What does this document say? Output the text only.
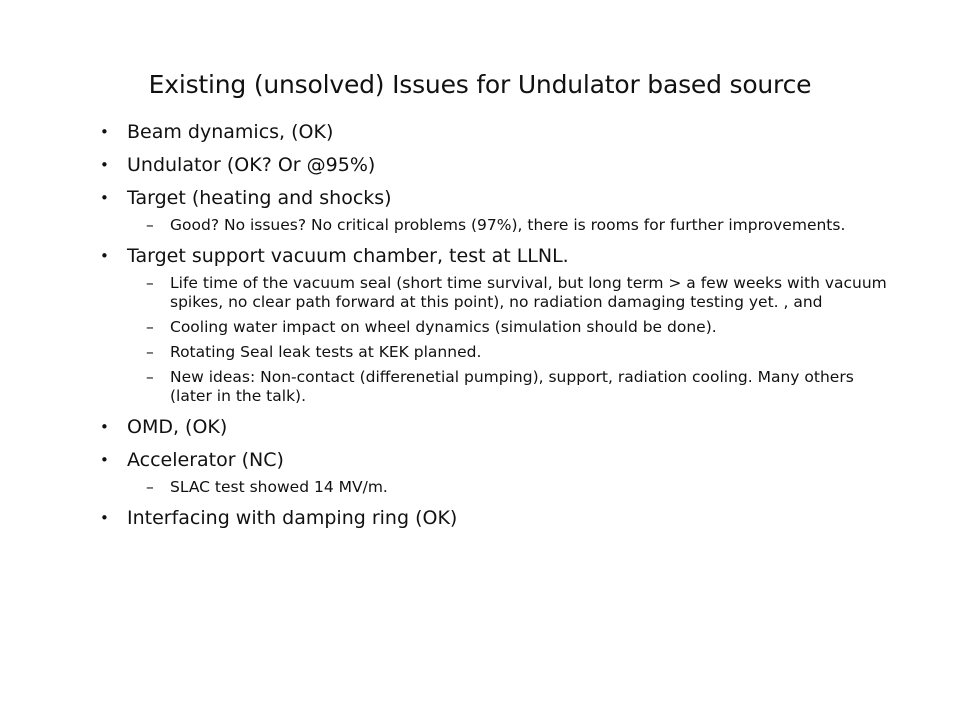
Existing (unsolved) Issues for Undulator based source
• Beam dynamics, (OK)
• Undulator (OK? Or @95%)
• Target (heating and shocks)
– Good? No issues? No critical problems (97%), there is rooms for further improvements.
• Target support vacuum chamber, test at LLNL.
– Life time of the vacuum seal (short time survival, but long term > a few weeks with vacuum spikes, no clear path forward at this point), no radiation damaging testing yet. , and
– Cooling water impact on wheel dynamics (simulation should be done).
– Rotating Seal leak tests at KEK planned.
– New ideas: Non-contact (differenetial pumping), support, radiation cooling. Many others (later in the talk).
• OMD, (OK)
• Accelerator (NC)
– SLAC test showed 14 MV/m.
• Interfacing with damping ring (OK)
